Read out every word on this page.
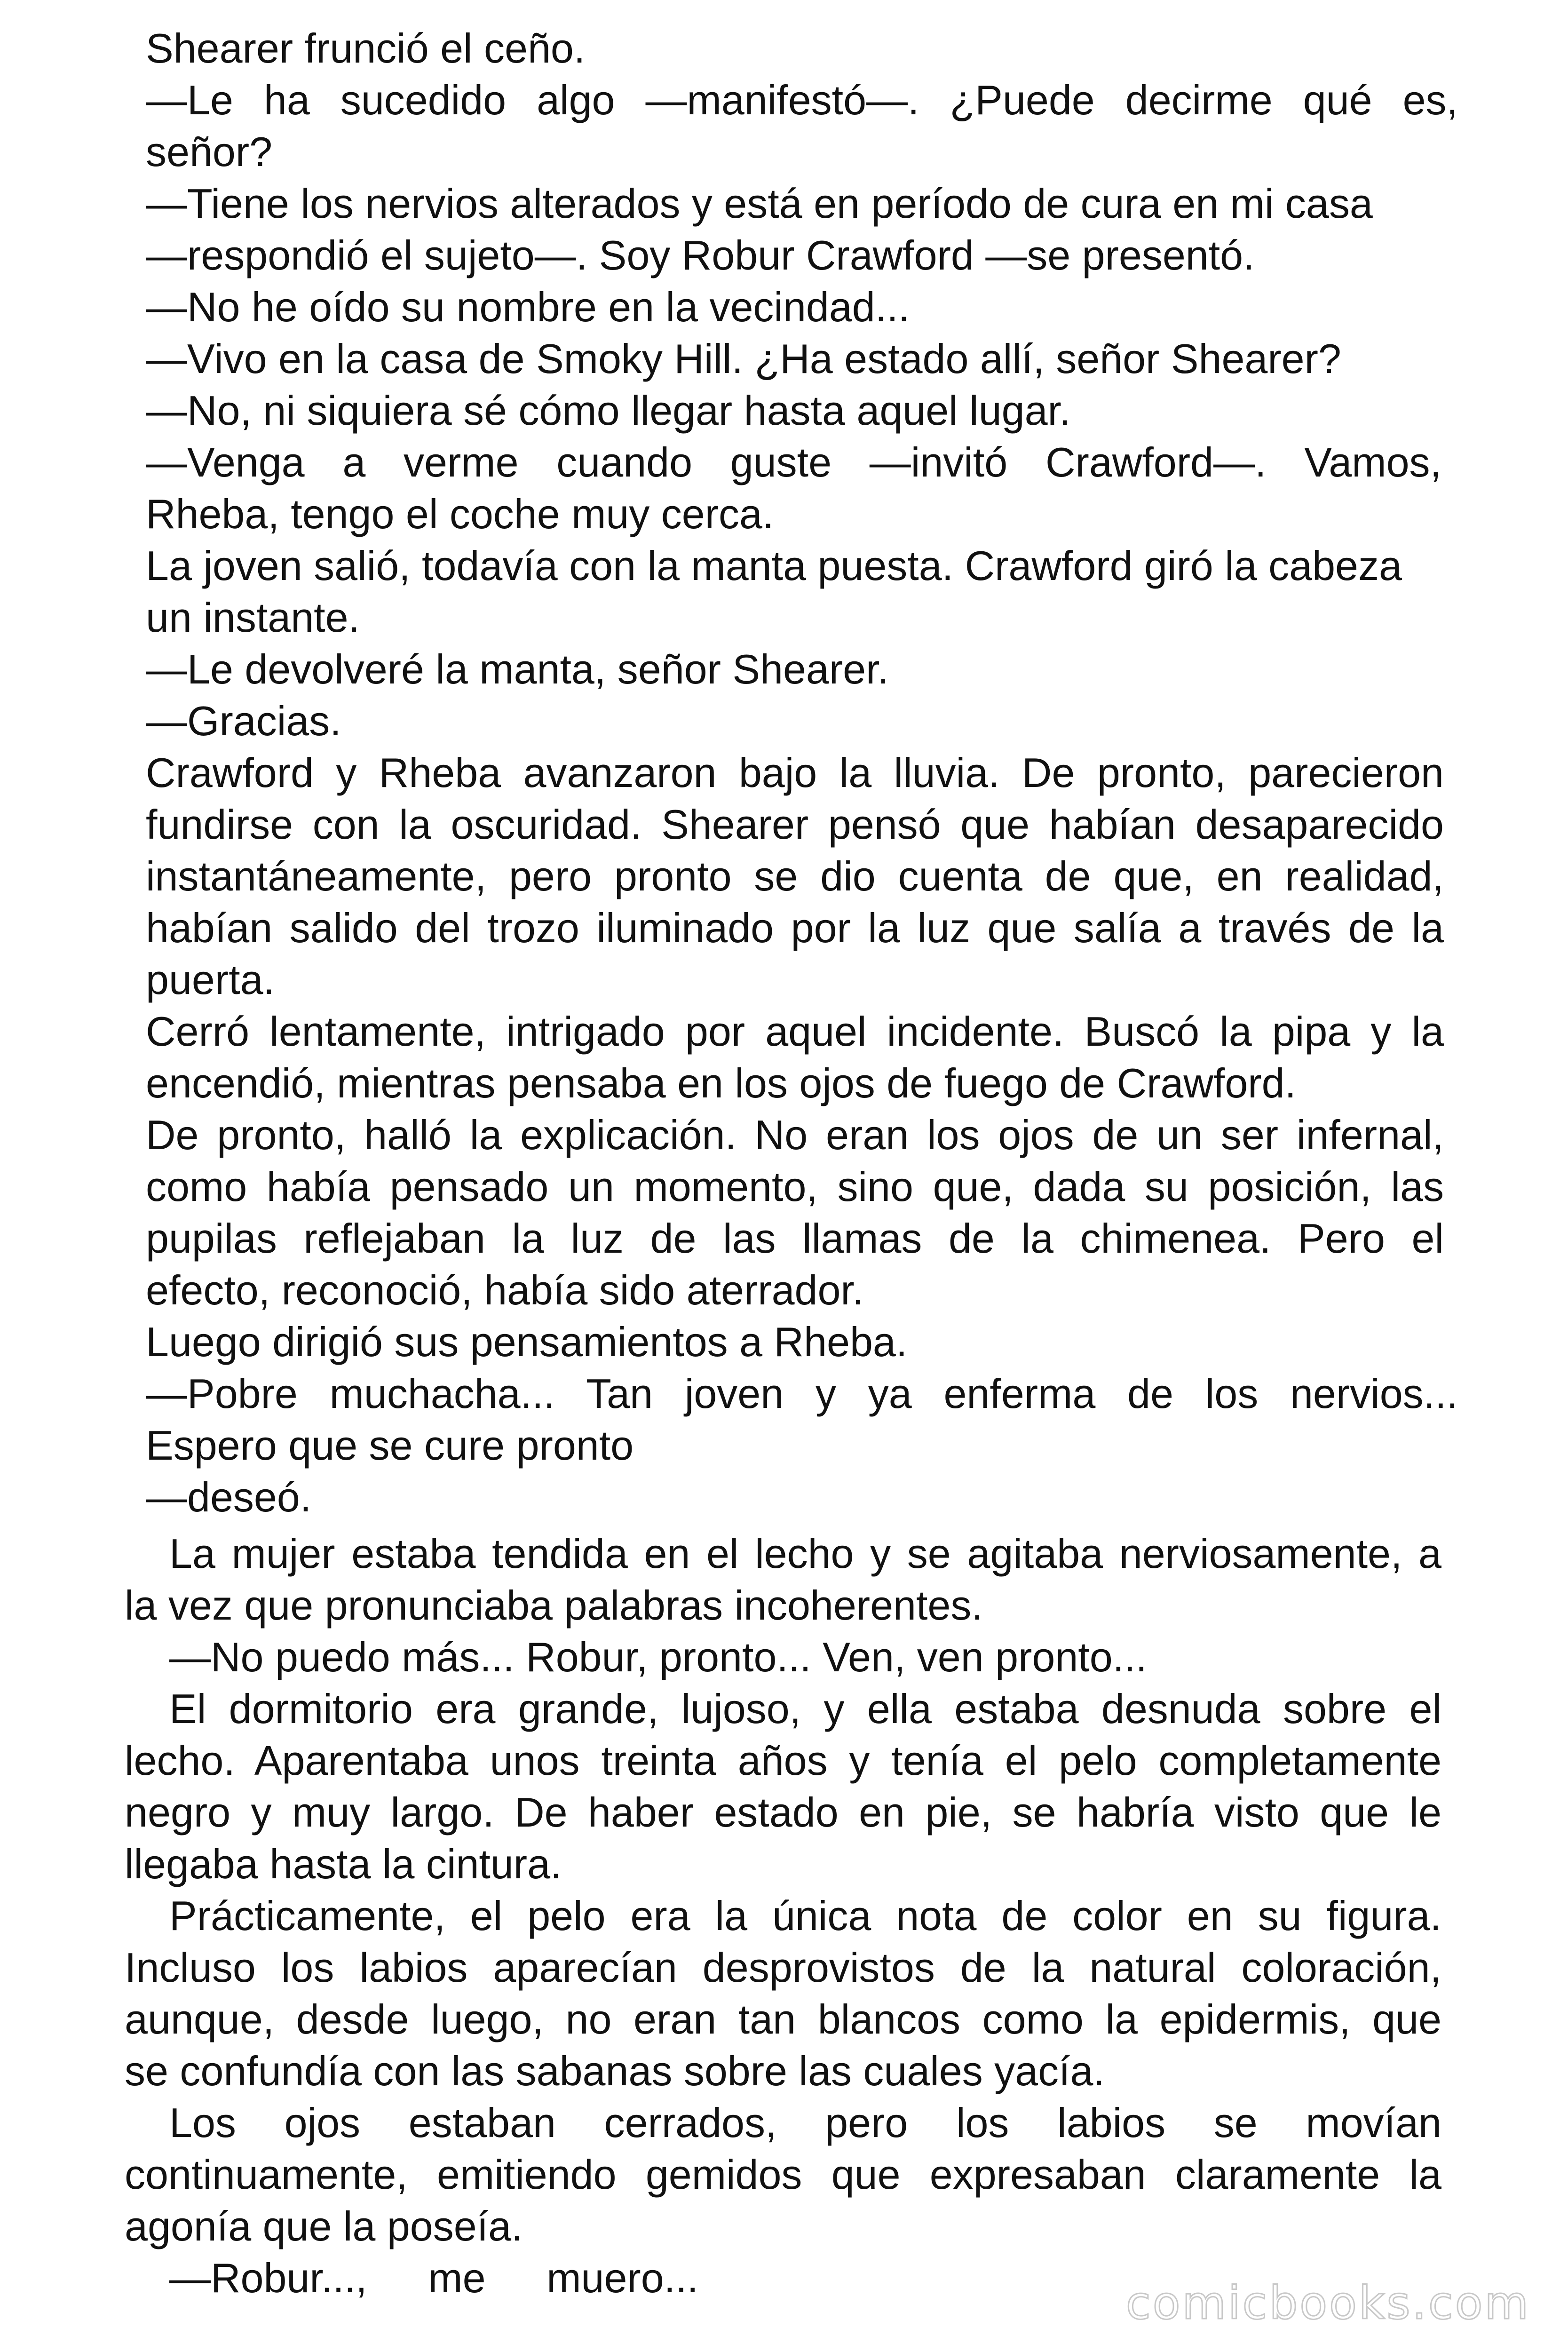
Shearer frunció el ceño.

—Le ha sucedido algo —manifestó—. ¿Puede decirme qué es,

señor?

—Tiene los nervios alterados y está en período de cura en mi casa

—respondió el sujeto—. Soy Robur Crawford —se presentó.

—No he oído su nombre en la vecindad...

—Vivo en la casa de Smoky Hill. ¿Ha estado allí, señor Shearer?

—No, ni siquiera sé cómo llegar hasta aquel lugar.

—Venga a verme cuando guste —invitó Crawford—. Vamos,

Rheba, tengo el coche muy cerca.

La joven salió, todavía con la manta puesta. Crawford giró la cabeza

un instante.

—Le devolveré la manta, señor Shearer.

—Gracias.

Crawford y Rheba avanzaron bajo la lluvia. De pronto, parecieron

fundirse con la oscuridad. Shearer pensó que habían desaparecido

instantáneamente, pero pronto se dio cuenta de que, en realidad,

habían salido del trozo iluminado por la luz que salía a través de la

puerta.

Cerró lentamente, intrigado por aquel incidente. Buscó la pipa y la

encendió, mientras pensaba en los ojos de fuego de Crawford.

De pronto, halló la explicación. No eran los ojos de un ser infernal,

como había pensado un momento, sino que, dada su posición, las

pupilas reflejaban la luz de las llamas de la chimenea. Pero el

efecto, reconoció, había sido aterrador.

Luego dirigió sus pensamientos a Rheba.

—Pobre muchacha... Tan joven y ya enferma de los nervios...

Espero que se cure pronto

—deseó.

La mujer estaba tendida en el lecho y se agitaba nerviosamente, a

la vez que pronunciaba palabras incoherentes.

—No puedo más... Robur, pronto... Ven, ven pronto...

El dormitorio era grande, lujoso, y ella estaba desnuda sobre el

lecho. Aparentaba unos treinta años y tenía el pelo completamente

negro y muy largo. De haber estado en pie, se habría visto que le

llegaba hasta la cintura.

Prácticamente, el pelo era la única nota de color en su figura.

Incluso los labios aparecían desprovistos de la natural coloración,

aunque, desde luego, no eran tan blancos como la epidermis, que

se confundía con las sabanas sobre las cuales yacía.

Los ojos estaban cerrados, pero los labios se movían

continuamente, emitiendo gemidos que expresaban claramente la

agonía que la poseía.

—Robur..., me muero...	comicbooks.com
